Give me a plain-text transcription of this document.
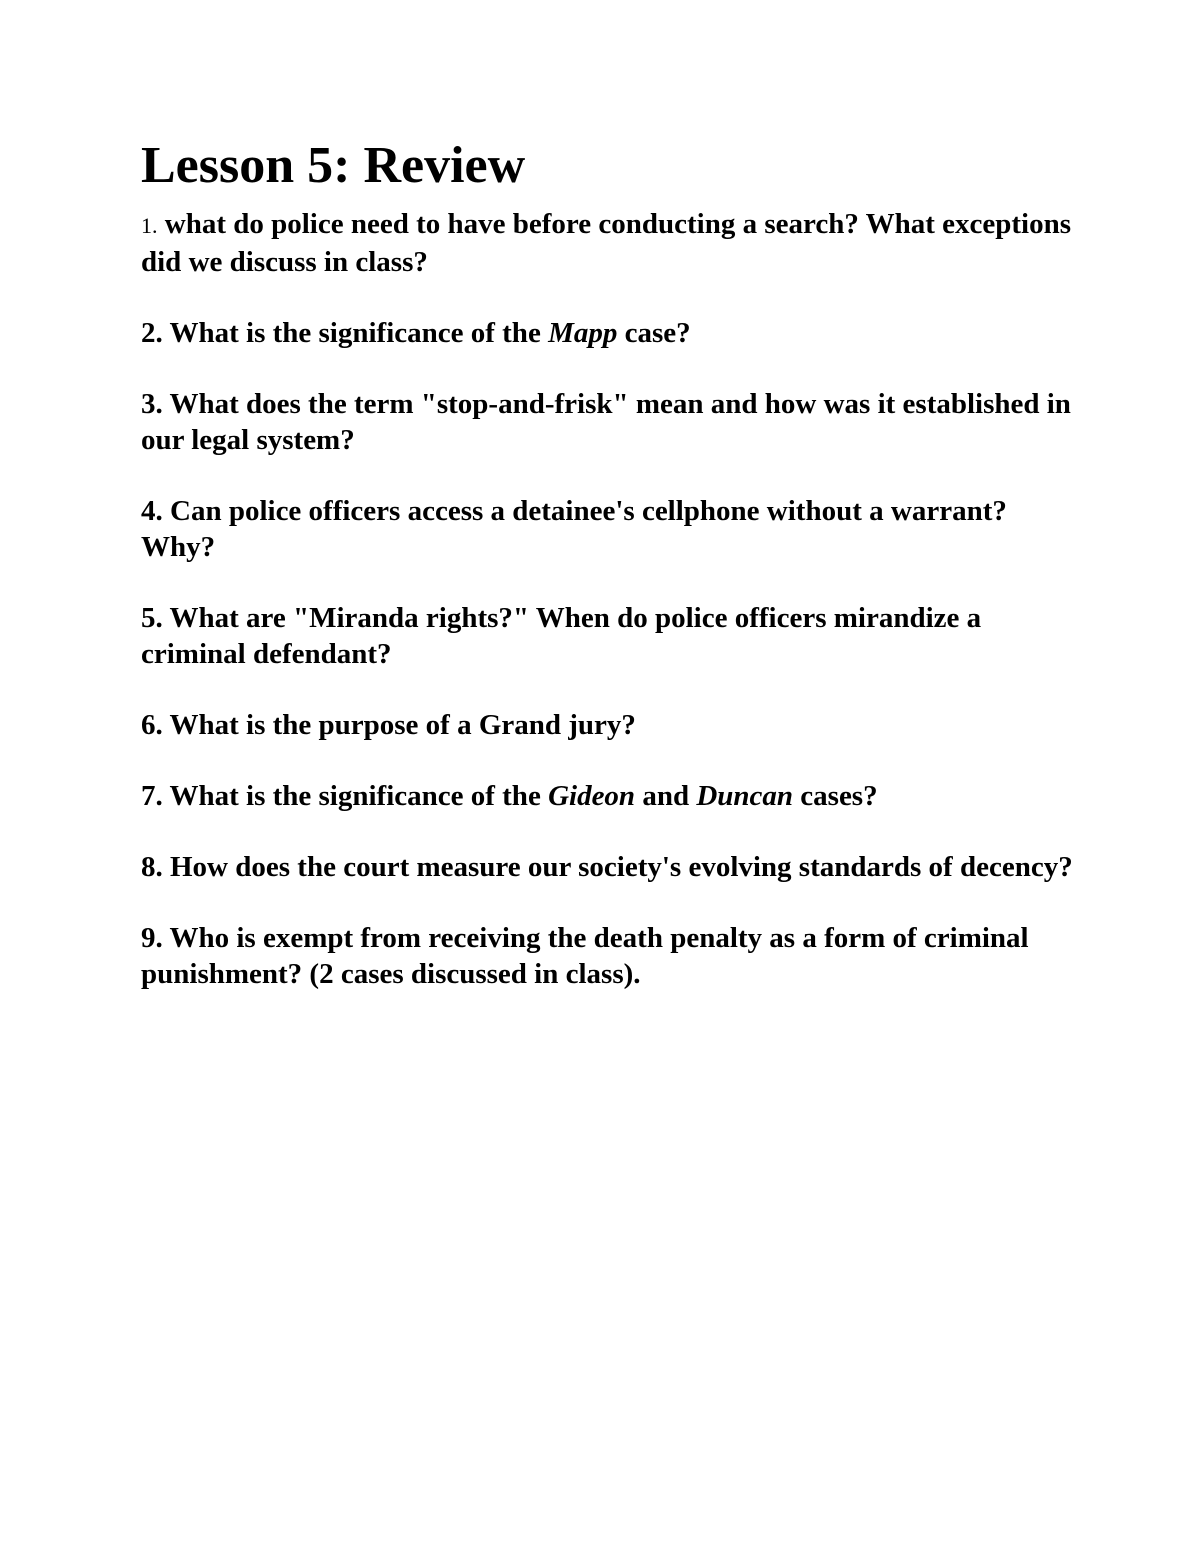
Lesson 5: Review

1. what do police need to have before conducting a search? What exceptions did we discuss in class?

2. What is the significance of the Mapp case?

3. What does the term "stop-and-frisk" mean and how was it established in our legal system?

4. Can police officers access a detainee's cellphone without a warrant? Why?

5. What are "Miranda rights?" When do police officers mirandize a criminal defendant?

6. What is the purpose of a Grand jury?

7. What is the significance of the Gideon and Duncan cases?

8. How does the court measure our society's evolving standards of decency?

9. Who is exempt from receiving the death penalty as a form of criminal punishment? (2 cases discussed in class).
